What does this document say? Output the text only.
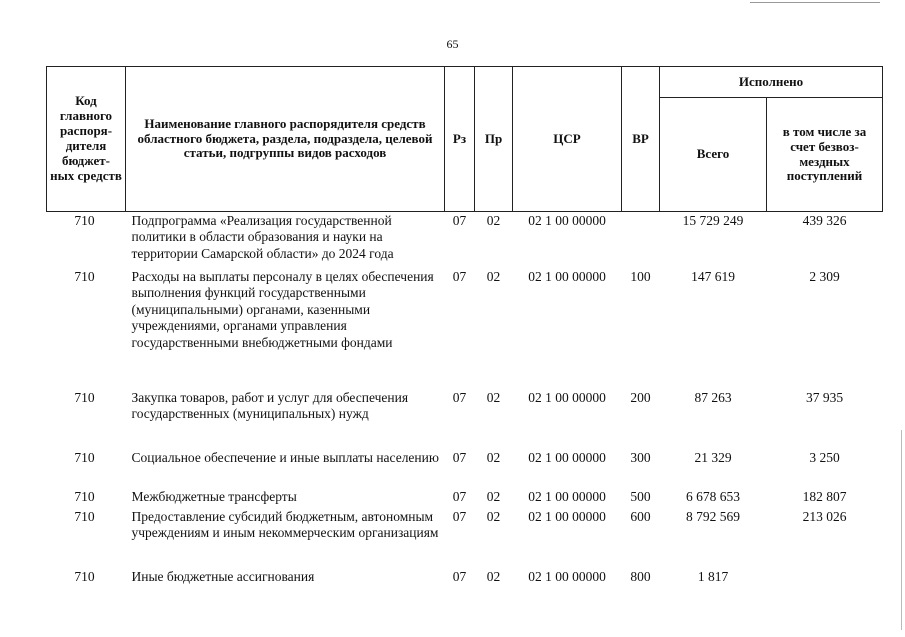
65
Код главного распоря- дителя бюджет- ных средств	Наименование главного распорядителя средств областного бюджета, раздела, подраздела, целевой статьи, подгруппы видов расходов	Рз	Пр	ЦСР	ВР	Исполнено	
						Всего	в том числе за счет безвоз- мездных поступлений
710	Подпрограмма «Реализация государственной политики в области образования и науки на территории Самарской области» до 2024 года	07	02	02 1 00 00000		15 729 249	439 326
710	Расходы на выплаты персоналу в целях обеспечения выполнения функций государственными (муниципальными) органами, казенными учреждениями, органами управления государственными внебюджетными фондами	07	02	02 1 00 00000	100	147 619	2 309
710	Закупка товаров, работ и услуг для обеспечения государственных (муниципальных) нужд	07	02	02 1 00 00000	200	87 263	37 935
710	Социальное обеспечение и иные выплаты населению	07	02	02 1 00 00000	300	21 329	3 250
710	Межбюджетные трансферты	07	02	02 1 00 00000	500	6 678 653	182 807
710	Предоставление субсидий бюджетным, автономным учреждениям и иным некоммерческим организациям	07	02	02 1 00 00000	600	8 792 569	213 026
710	Иные бюджетные ассигнования	07	02	02 1 00 00000	800	1 817	
